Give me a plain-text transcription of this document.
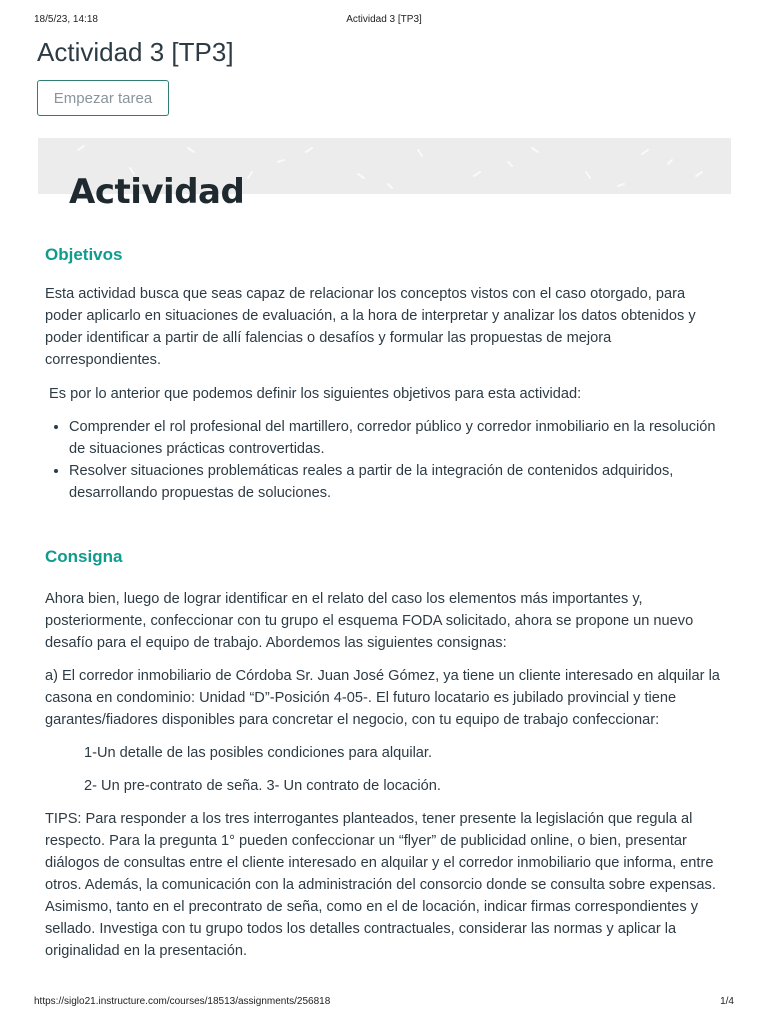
18/5/23, 14:18	Actividad 3 [TP3]
Actividad 3 [TP3]
Empezar tarea
Actividad
Objetivos

Esta actividad busca que seas capaz de relacionar los conceptos vistos con el caso otorgado, para poder aplicarlo en situaciones de evaluación, a la hora de interpretar y analizar los datos obtenidos y poder identificar a partir de allí falencias o desafíos y formular las propuestas de mejora correspondientes.

Es por lo anterior que podemos definir los siguientes objetivos para esta actividad:

• Comprender el rol profesional del martillero, corredor público y corredor inmobiliario en la resolución de situaciones prácticas controvertidas.
• Resolver situaciones problemáticas reales a partir de la integración de contenidos adquiridos, desarrollando propuestas de soluciones.
Consigna

Ahora bien, luego de lograr identificar en el relato del caso los elementos más importantes y, posteriormente, confeccionar con tu grupo el esquema FODA solicitado, ahora se propone un nuevo desafío para el equipo de trabajo. Abordemos las siguientes consignas:

a) El corredor inmobiliario de Córdoba Sr. Juan José Gómez, ya tiene un cliente interesado en alquilar la casona en condominio: Unidad “D”-Posición 4-05-. El futuro locatario es jubilado provincial y tiene garantes/fiadores disponibles para concretar el negocio, con tu equipo de trabajo confeccionar:

1-Un detalle de las posibles condiciones para alquilar.

2- Un pre-contrato de seña. 3- Un contrato de locación.

TIPS: Para responder a los tres interrogantes planteados, tener presente la legislación que regula al respecto. Para la pregunta 1° pueden confeccionar un “flyer” de publicidad online, o bien, presentar diálogos de consultas entre el cliente interesado en alquilar y el corredor inmobiliario que informa, entre otros. Además, la comunicación con la administración del consorcio donde se consulta sobre expensas. Asimismo, tanto en el precontrato de seña, como en el de locación, indicar firmas correspondientes y sellado. Investiga con tu grupo todos los detalles contractuales, considerar las normas y aplicar la originalidad en la presentación.

https://siglo21.instructure.com/courses/18513/assignments/256818	1/4
